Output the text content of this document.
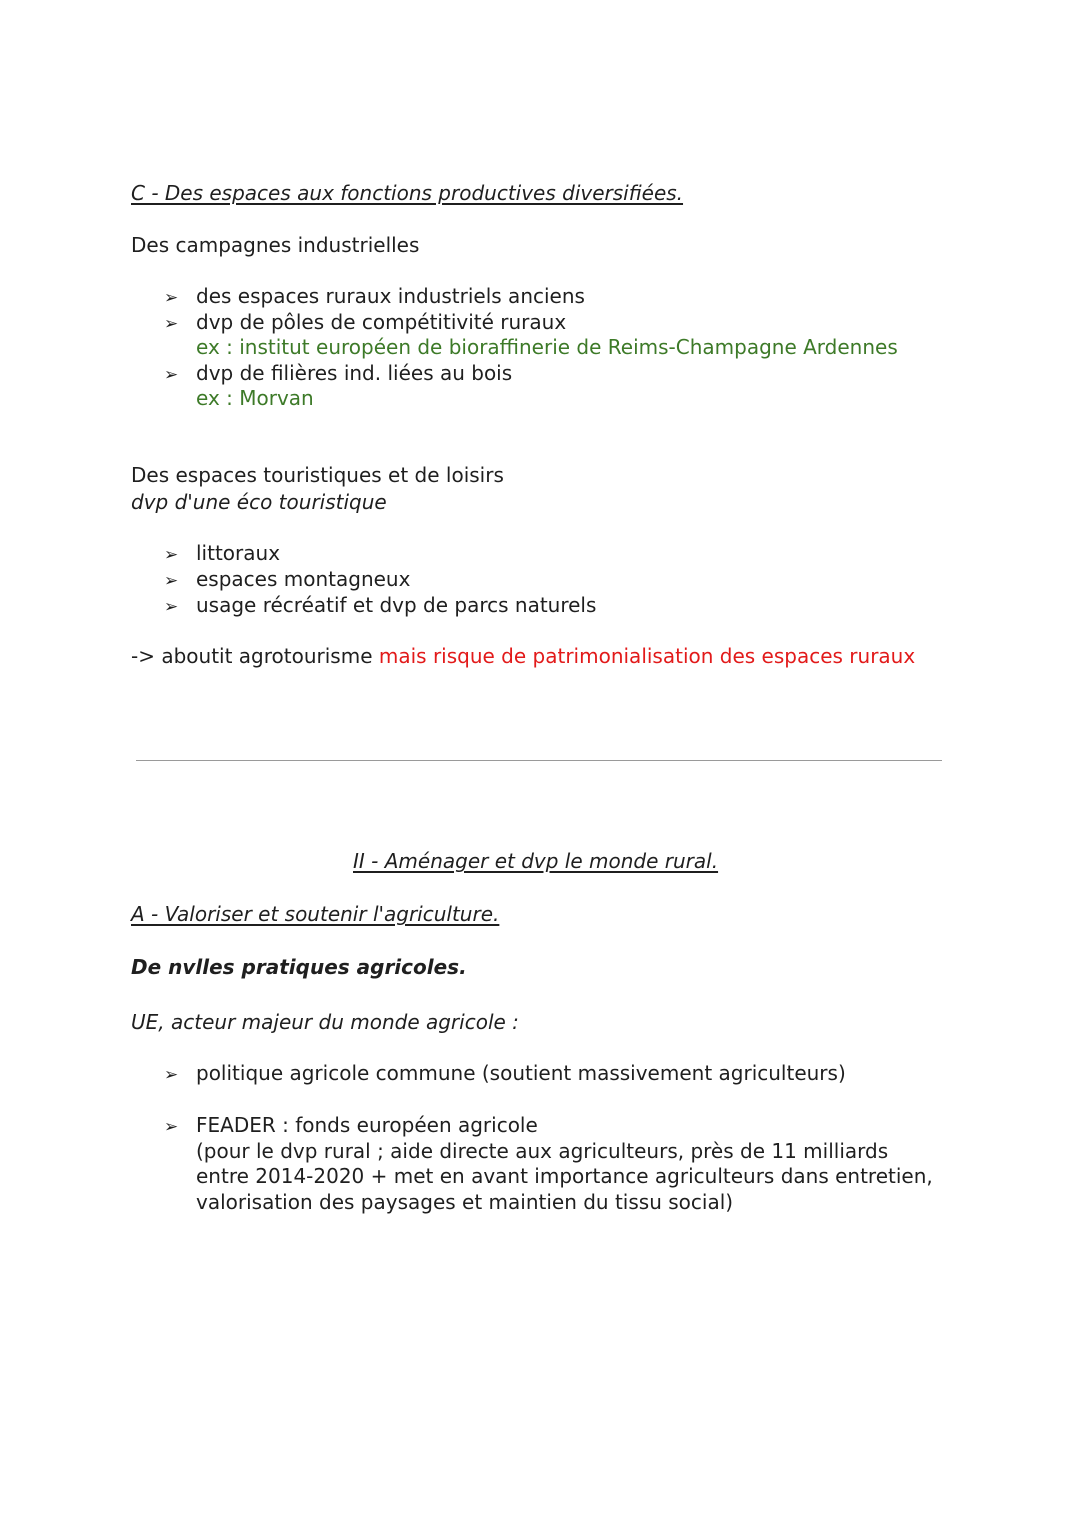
C - Des espaces aux fonctions productives diversifiées.
Des campagnes industrielles
➢ des espaces ruraux industriels anciens
➢ dvp de pôles de compétitivité ruraux
ex : institut européen de bioraffinerie de Reims-Champagne Ardennes
➢ dvp de filières ind. liées au bois
ex : Morvan
Des espaces touristiques et de loisirs
dvp d'une éco touristique
➢ littoraux
➢ espaces montagneux
➢ usage récréatif et dvp de parcs naturels
-> aboutit agrotourisme mais risque de patrimonialisation des espaces ruraux
II - Aménager et dvp le monde rural.
A - Valoriser et soutenir l'agriculture.
De nvlles pratiques agricoles.
UE, acteur majeur du monde agricole :
➢ politique agricole commune (soutient massivement agriculteurs)
➢ FEADER : fonds européen agricole
(pour le dvp rural ; aide directe aux agriculteurs, près de 11 milliards
entre 2014-2020 + met en avant importance agriculteurs dans entretien,
valorisation des paysages et maintien du tissu social)
